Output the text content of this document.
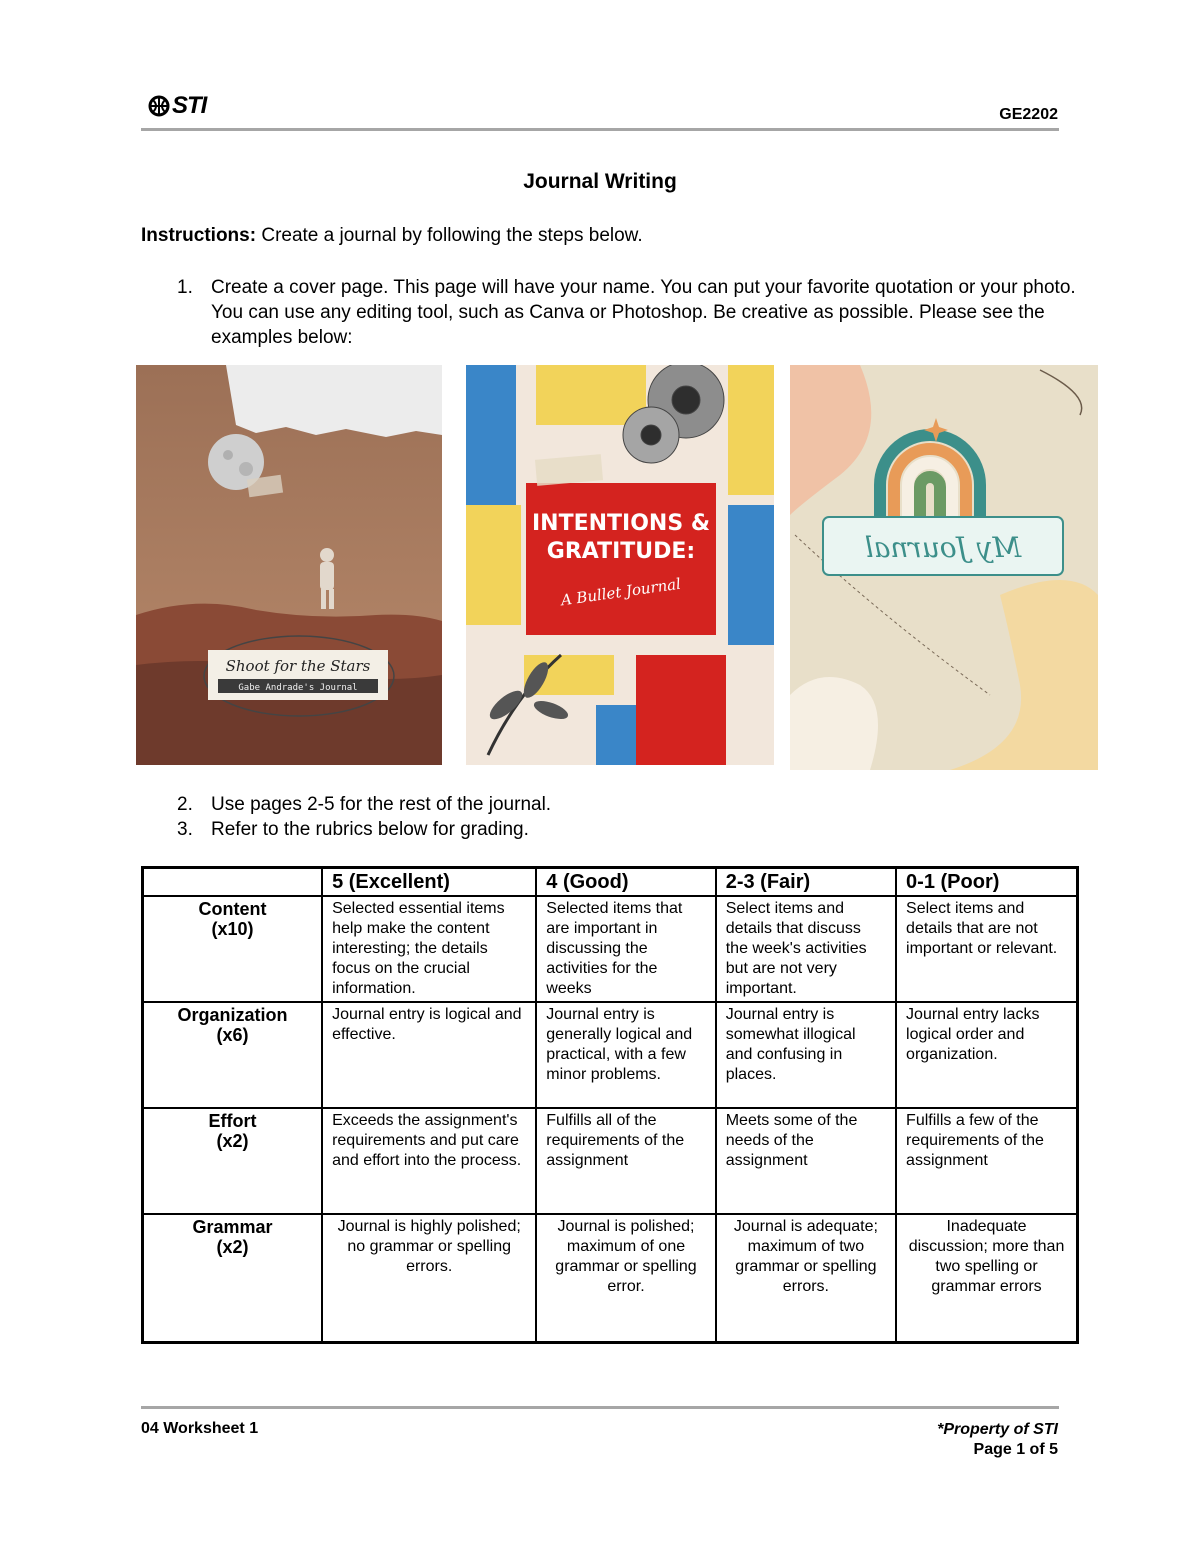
STI	GE2202
Journal Writing
Instructions: Create a journal by following the steps below.
1. Create a cover page. This page will have your name. You can put your favorite quotation or your photo. You can use any editing tool, such as Canva or Photoshop. Be creative as possible. Please see the examples below:
Shoot for the Stars
Gabe Andrade's Journal
INTENTIONS &
GRATITUDE:
A Bullet Journal
My Journal
2. Use pages 2-5 for the rest of the journal.
3. Refer to the rubrics below for grading.
	5 (Excellent)	4 (Good)	2-3 (Fair)	0-1 (Poor)

Content
(x10)	Selected essential items help make the content interesting; the details focus on the crucial information.	Selected items that are important in discussing the activities for the weeks	Select items and details that discuss the week's activities but are not very important.	Select items and details that are not important or relevant.

Organization
(x6)	Journal entry is logical and effective.	Journal entry is generally logical and practical, with a few minor problems.	Journal entry is somewhat illogical and confusing in places.	Journal entry lacks logical order and organization.

Effort
(x2)	Exceeds the assignment's requirements and put care and effort into the process.	Fulfills all of the requirements of the assignment	Meets some of the needs of the assignment	Fulfills a few of the requirements of the assignment

Grammar
(x2)	Journal is highly polished; no grammar or spelling errors.	Journal is polished; maximum of one grammar or spelling error.	Journal is adequate; maximum of two grammar or spelling errors.	Inadequate discussion; more than two spelling or grammar errors
04 Worksheet 1	*Property of STI
Page 1 of 5
